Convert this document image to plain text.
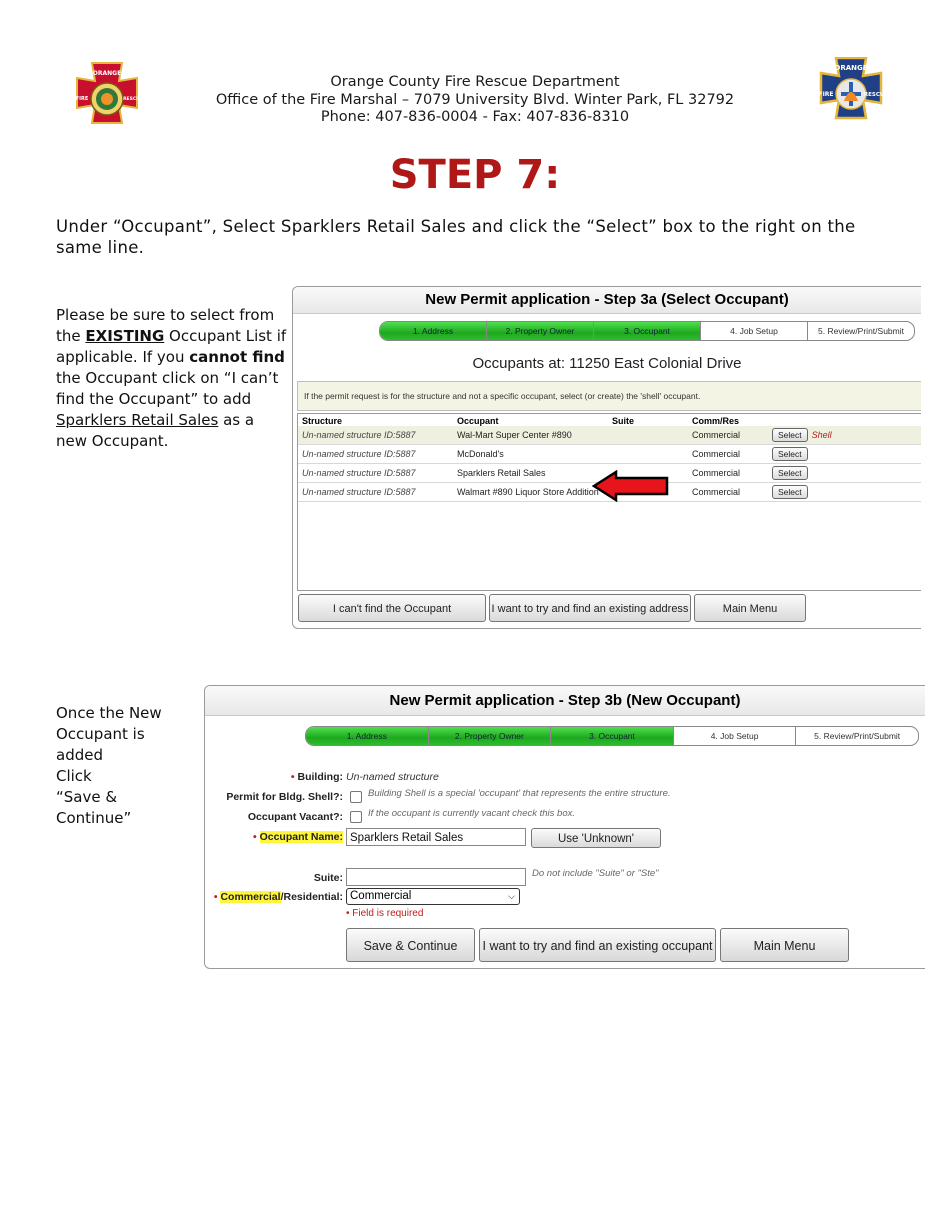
ORANGE
COUNTY
FIRE	RESCUE
Orange County Fire Rescue Department
Office of the Fire Marshal – 7079 University Blvd. Winter Park, FL 32792
Phone: 407-836-0004 - Fax: 407-836-8310
ORANGE
COUNTY
FIRE	RESCUE
STEP 7:
Under “Occupant”, Select Sparklers Retail Sales and click the “Select” box to the right on the same line.
Please be sure to select from the EXISTING Occupant List if applicable. If you cannot find the Occupant click on “I can’t find the Occupant” to add Sparklers Retail Sales as a new Occupant.
New Permit application - Step 3a (Select Occupant)
1. Address	2. Property Owner	3. Occupant	4. Job Setup	5. Review/Print/Submit
Occupants at: 11250 East Colonial Drive
If the permit request is for the structure and not a specific occupant, select (or create) the 'shell' occupant.
Structure	Occupant	Suite	Comm/Res	
Un-named structure ID:5887	Wal-Mart Super Center #890		Commercial	Select Shell
Un-named structure ID:5887	McDonald's		Commercial	Select
Un-named structure ID:5887	Sparklers Retail Sales		Commercial	Select
Un-named structure ID:5887	Walmart #890 Liquor Store Addition		Commercial	Select
I can't find the Occupant	I want to try and find an existing address	Main Menu
Once the New
Occupant is added
Click
“Save & Continue”
New Permit application - Step 3b (New Occupant)
1. Address	2. Property Owner	3. Occupant	4. Job Setup	5. Review/Print/Submit
• Building: Un-named structure
Permit for Bldg. Shell?:	Building Shell is a special 'occupant' that represents the entire structure.
Occupant Vacant?:	If the occupant is currently vacant check this box.
• Occupant Name: Sparklers Retail Sales	Use 'Unknown'
Suite:	Do not include "Suite" or "Ste"
• Commercial/Residential: Commercial	⌵
• Field is required
Save & Continue	I want to try and find an existing occupant	Main Menu
